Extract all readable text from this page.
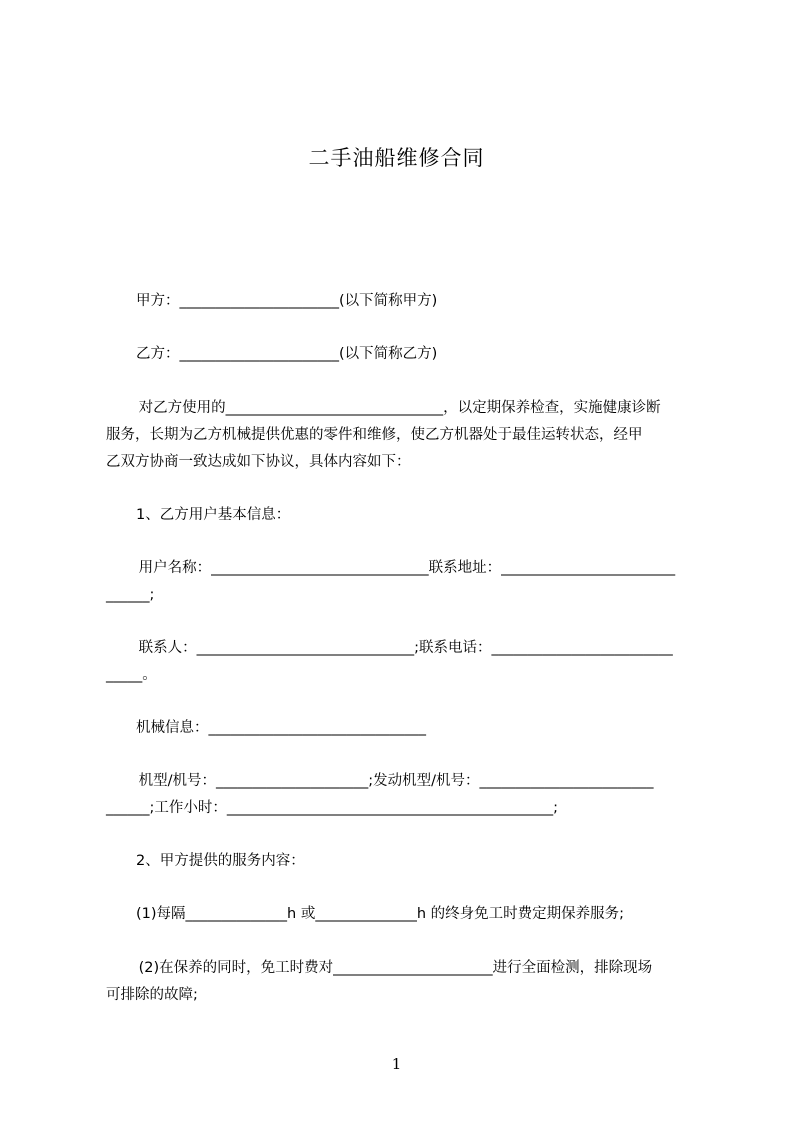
二手油船维修合同
甲方：______________________(以下简称甲方)
乙方：______________________(以下简称乙方)
对乙方使用的______________________________，以定期保养检查，实施健康诊断
服务，长期为乙方机械提供优惠的零件和维修，使乙方机器处于最佳运转状态，经甲
乙双方协商一致达成如下协议，具体内容如下：
1、乙方用户基本信息：
用户名称：______________________________联系地址：________________________
______;
联系人：______________________________;联系电话：_________________________
_____。
机械信息：______________________________
机型/机号：_____________________;发动机型/机号：________________________
______;工作小时：_____________________________________________;
2、甲方提供的服务内容：
(1)每隔______________h 或______________h 的终身免工时费定期保养服务;
(2)在保养的同时，免工时费对______________________进行全面检测，排除现场
可排除的故障;
1
